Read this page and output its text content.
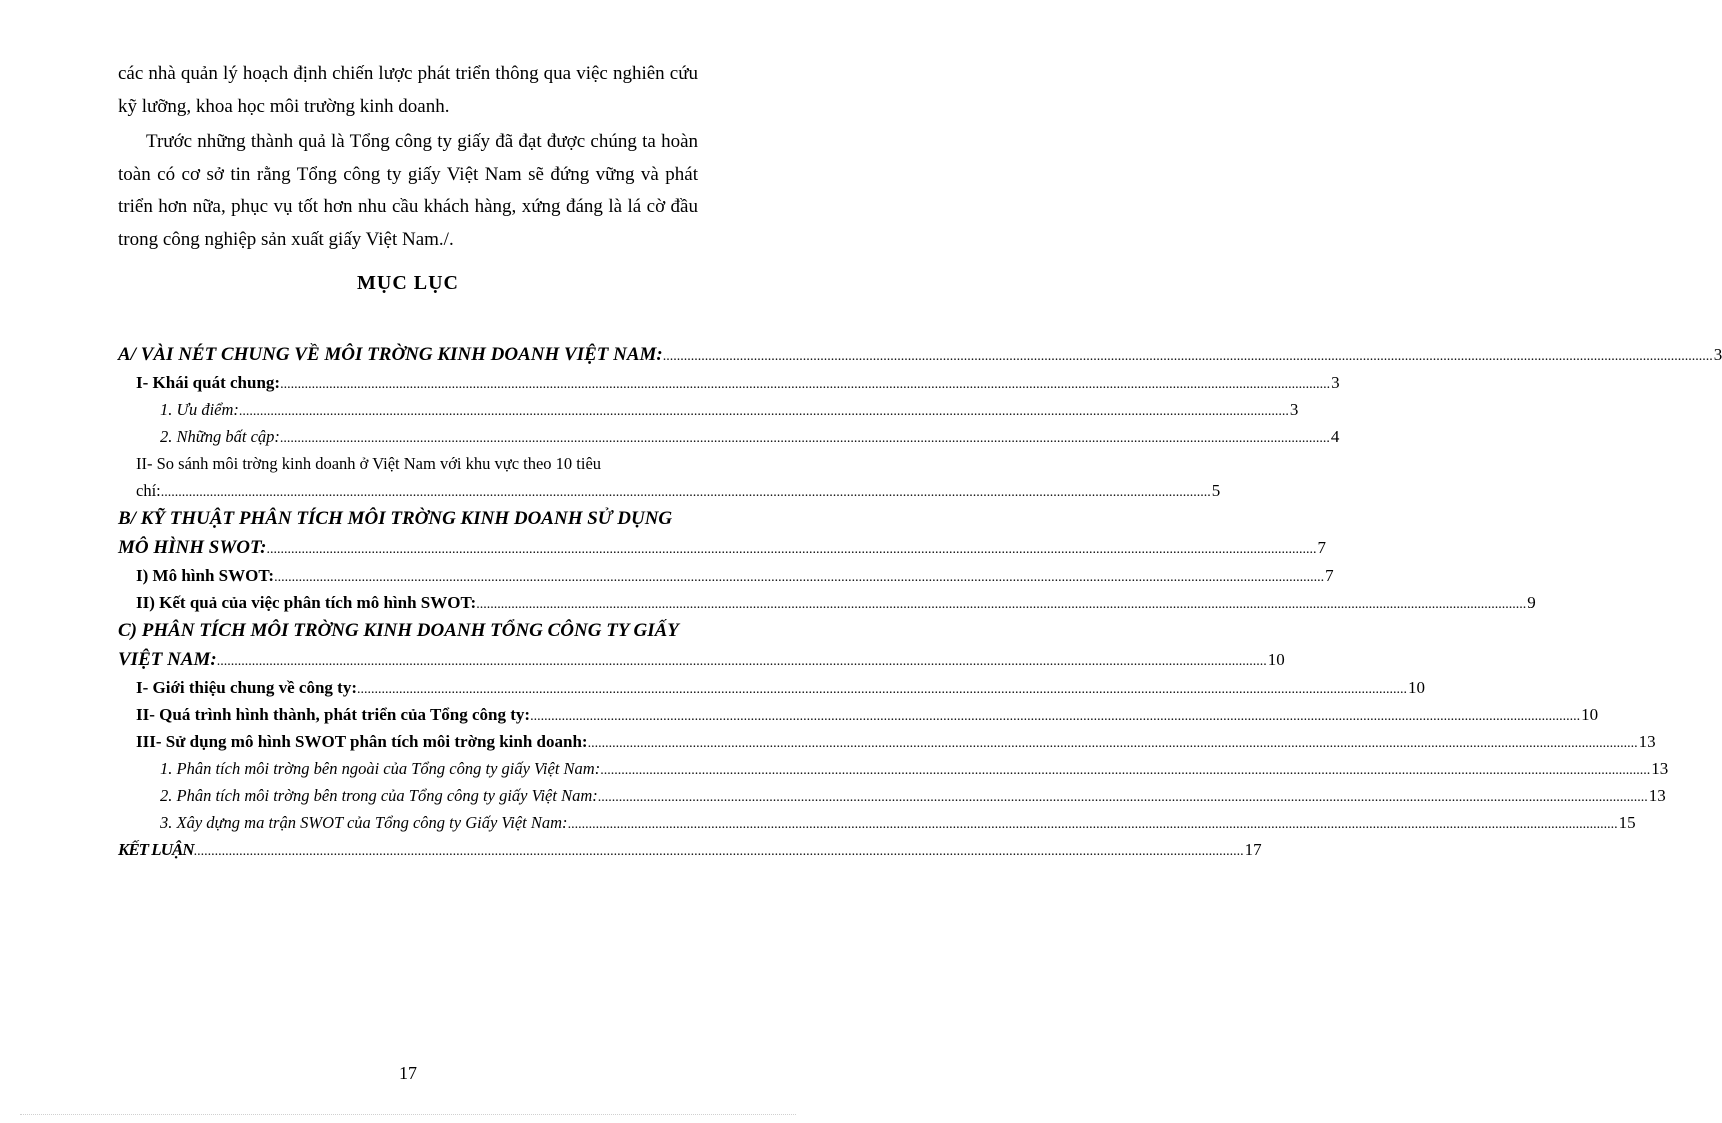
các nhà quản lý hoạch định chiến lược phát triển thông qua việc nghiên cứu kỹ lưỡng, khoa học môi trường kinh doanh.

Trước những thành quả là Tổng công ty giấy đã đạt được chúng ta hoàn toàn có cơ sở tin rằng Tổng công ty giấy Việt Nam sẽ đứng vững và phát triển hơn nữa, phục vụ tốt hơn nhu cầu khách hàng, xứng đáng là lá cờ đầu trong công nghiệp sản xuất giấy Việt Nam./.

MỤC LỤC
A/ VÀI NÉT CHUNG VỀ MÔI TRỜNG KINH DOANH VIỆT NAM: ............................................................................................................................................................................................................................................................................................................ 3
I- Khái quát chung: ............................................................................................................................................................................................................................................................................................................ 3
1. Ưu điểm: ............................................................................................................................................................................................................................................................................................................ 3
2. Những bất cập: ............................................................................................................................................................................................................................................................................................................ 4
II- So sánh môi trờng kinh doanh ở Việt Nam với khu vực theo 10 tiêu
chí: ............................................................................................................................................................................................................................................................................................................ 5
B/ KỸ THUẬT PHÂN TÍCH MÔI TRỜNG KINH DOANH SỬ DỤNG
MÔ HÌNH SWOT: ............................................................................................................................................................................................................................................................................................................ 7
I) Mô hình SWOT: ............................................................................................................................................................................................................................................................................................................ 7
II) Kết quả của việc phân tích mô hình SWOT: ............................................................................................................................................................................................................................................................................................................ 9
C) PHÂN TÍCH MÔI TRỜNG KINH DOANH TỔNG CÔNG TY GIẤY
VIỆT NAM: ............................................................................................................................................................................................................................................................................................................ 10
I- Giới thiệu chung về công ty: ............................................................................................................................................................................................................................................................................................................ 10
II- Quá trình hình thành, phát triển của Tổng công ty: ............................................................................................................................................................................................................................................................................................................ 10
III- Sử dụng mô hình SWOT phân tích môi trờng kinh doanh: ............................................................................................................................................................................................................................................................................................................ 13
1. Phân tích môi trờng bên ngoài của Tổng công ty giấy Việt Nam: ............................................................................................................................................................................................................................................................................................................ 13
2. Phân tích môi trờng bên trong của Tổng công ty giấy Việt Nam: ............................................................................................................................................................................................................................................................................................................ 13
3. Xây dựng ma trận SWOT của Tổng công ty Giấy Việt Nam: ............................................................................................................................................................................................................................................................................................................ 15
KẾT LUẬN ............................................................................................................................................................................................................................................................................................................ 17
17
